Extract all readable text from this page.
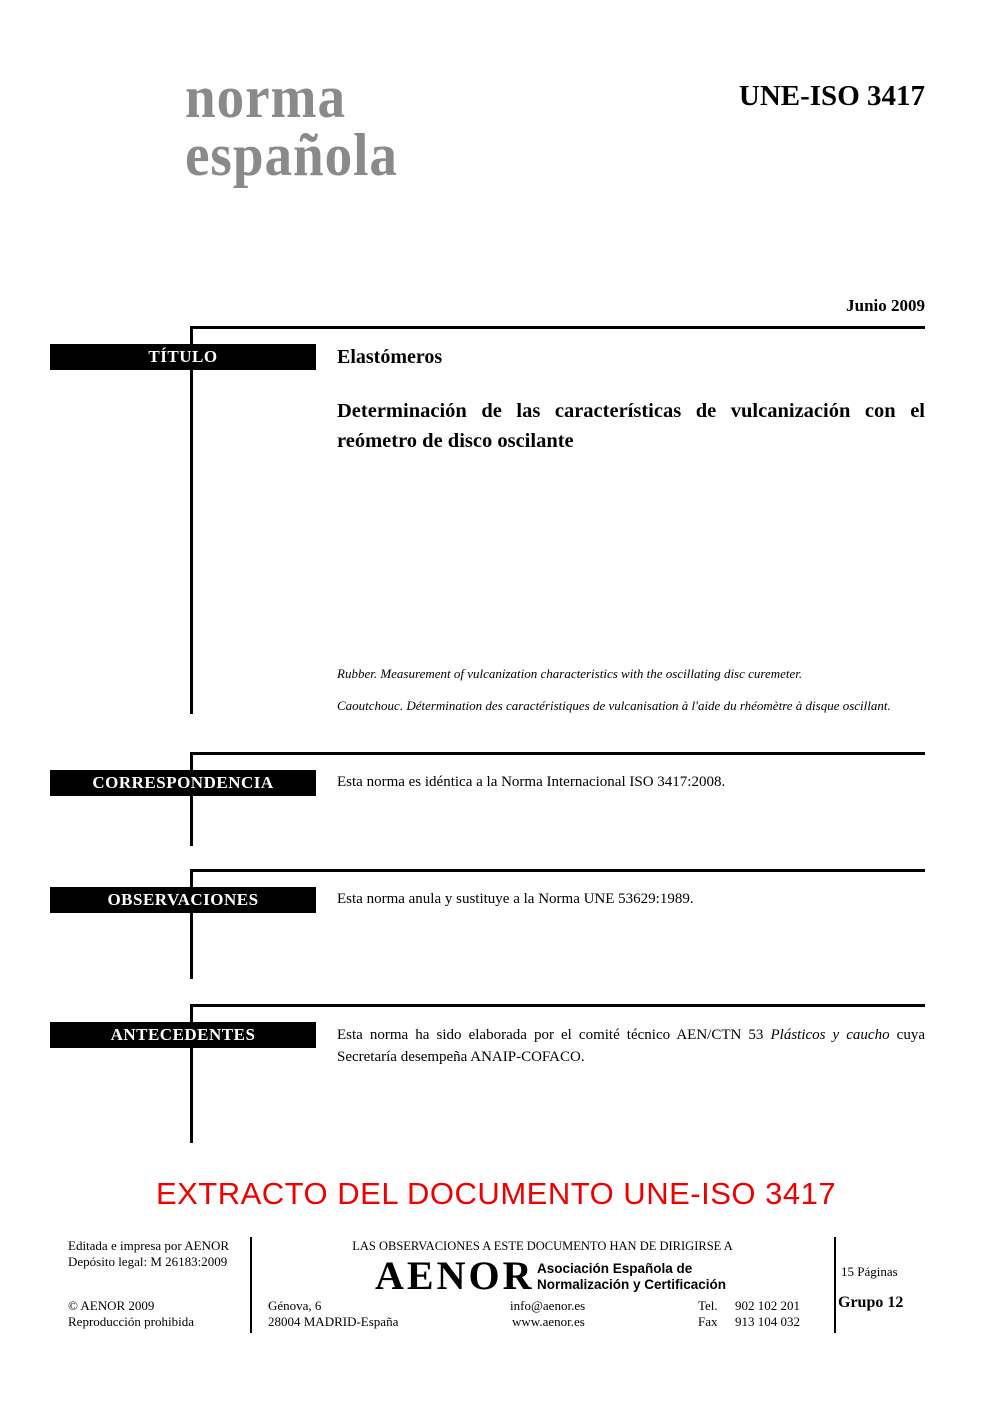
norma
española
UNE-ISO 3417
Junio 2009
TÍTULO	Elastómeros
Determinación de las características de vulcanización con el reómetro de disco oscilante
Rubber. Measurement of vulcanization characteristics with the oscillating disc curemeter.
Caoutchouc. Détermination des caractéristiques de vulcanisation à l'aide du rhéomètre à disque oscillant.
CORRESPONDENCIA	Esta norma es idéntica a la Norma Internacional ISO 3417:2008.
OBSERVACIONES	Esta norma anula y sustituye a la Norma UNE 53629:1989.
ANTECEDENTES	Esta norma ha sido elaborada por el comité técnico AEN/CTN 53 Plásticos y caucho cuya Secretaría desempeña ANAIP-COFACO.
EXTRACTO DEL DOCUMENTO UNE-ISO 3417
Editada e impresa por AENOR
Depósito legal: M 26183:2009
© AENOR 2009
Reproducción prohibida
LAS OBSERVACIONES A ESTE DOCUMENTO HAN DE DIRIGIRSE A
AENOR Asociación Española de
Normalización y Certificación
Génova, 6
28004 MADRID-España
info@aenor.es
www.aenor.es
Tel. 902 102 201
Fax 913 104 032
15 Páginas
Grupo 12
